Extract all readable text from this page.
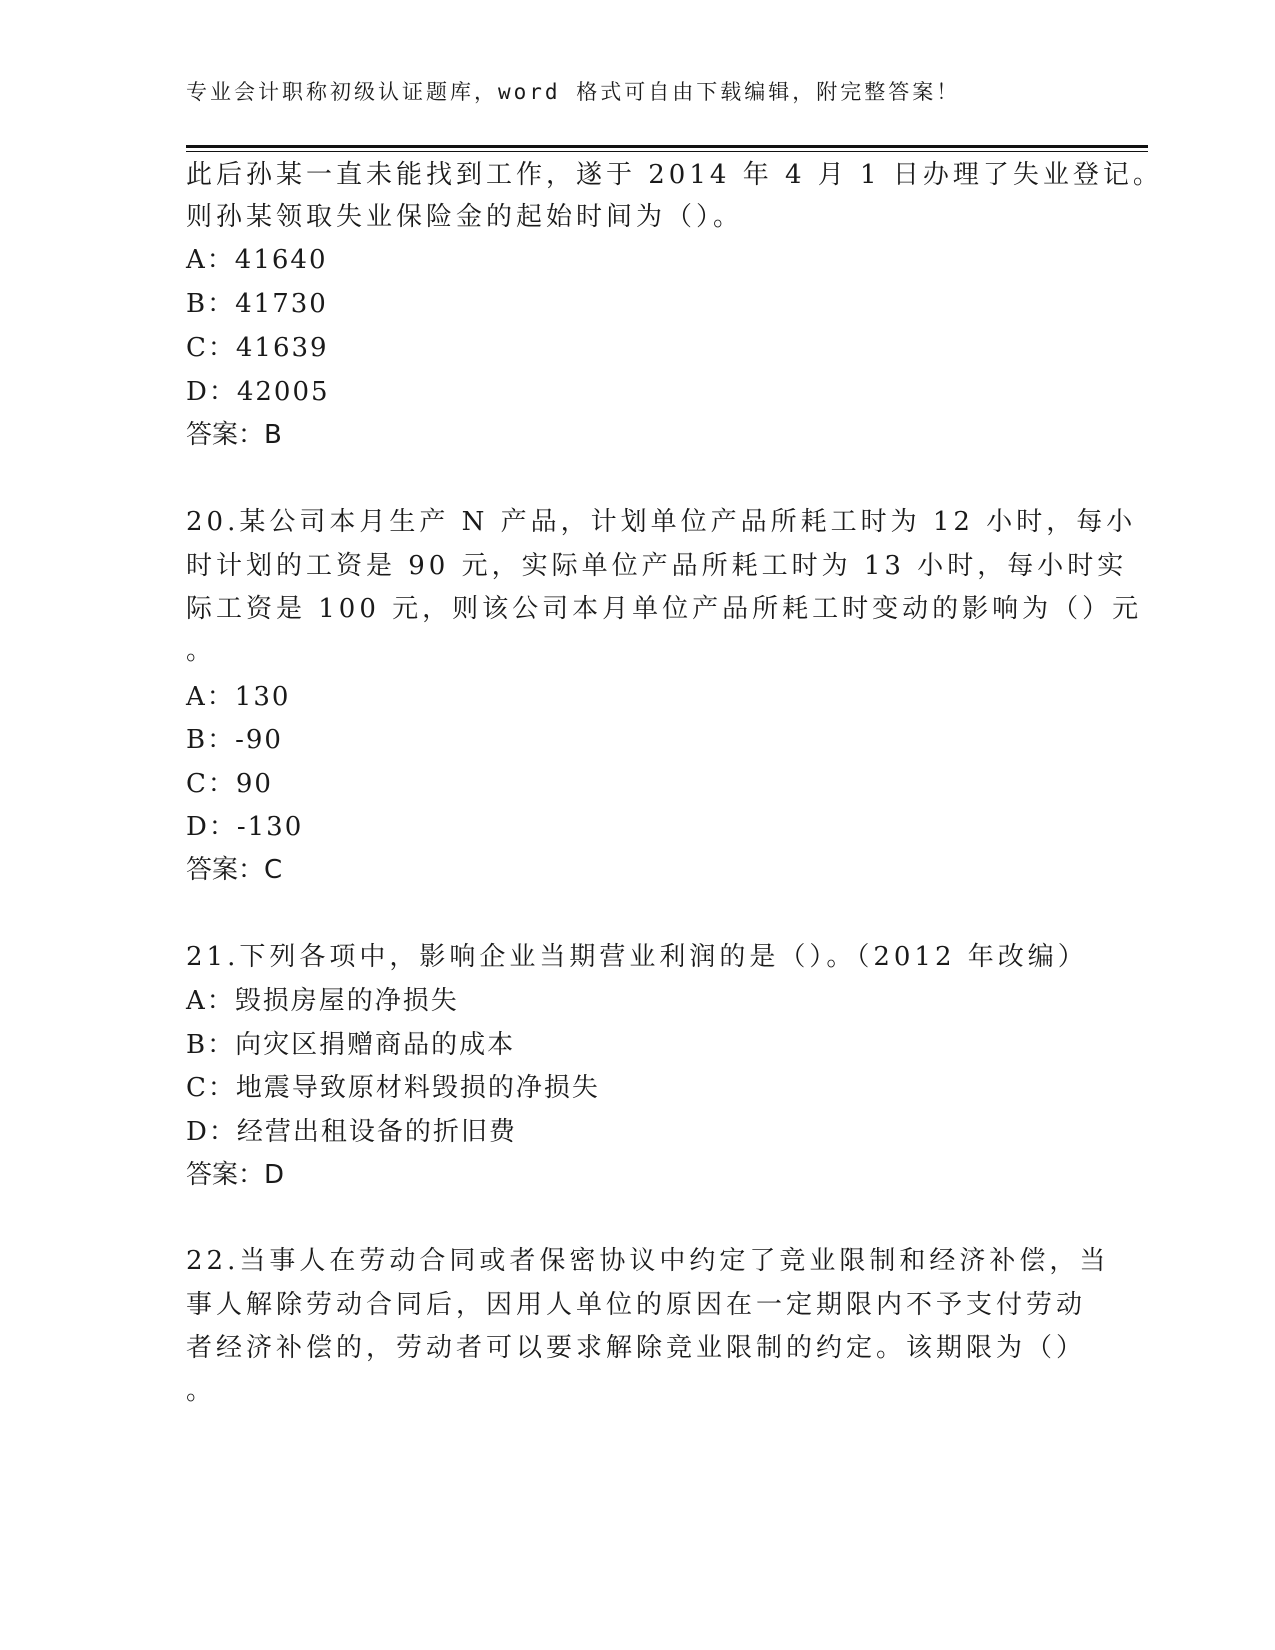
专业会计职称初级认证题库，word 格式可自由下载编辑，附完整答案！
此后孙某一直未能找到工作，遂于 2014 年 4 月 1 日办理了失业登记。
则孙某领取失业保险金的起始时间为（）。
A：41640
B：41730
C：41639
D：42005
答案：B
20.某公司本月生产 N 产品，计划单位产品所耗工时为 12 小时，每小
时计划的工资是 90 元，实际单位产品所耗工时为 13 小时，每小时实
际工资是 100 元，则该公司本月单位产品所耗工时变动的影响为（）元
。
A：130
B：-90
C：90
D：-130
答案：C
21.下列各项中，影响企业当期营业利润的是（）。（2012 年改编）
A：毁损房屋的净损失
B：向灾区捐赠商品的成本
C：地震导致原材料毁损的净损失
D：经营出租设备的折旧费
答案：D
22.当事人在劳动合同或者保密协议中约定了竞业限制和经济补偿，当
事人解除劳动合同后，因用人单位的原因在一定期限内不予支付劳动
者经济补偿的，劳动者可以要求解除竞业限制的约定。该期限为（）
。
